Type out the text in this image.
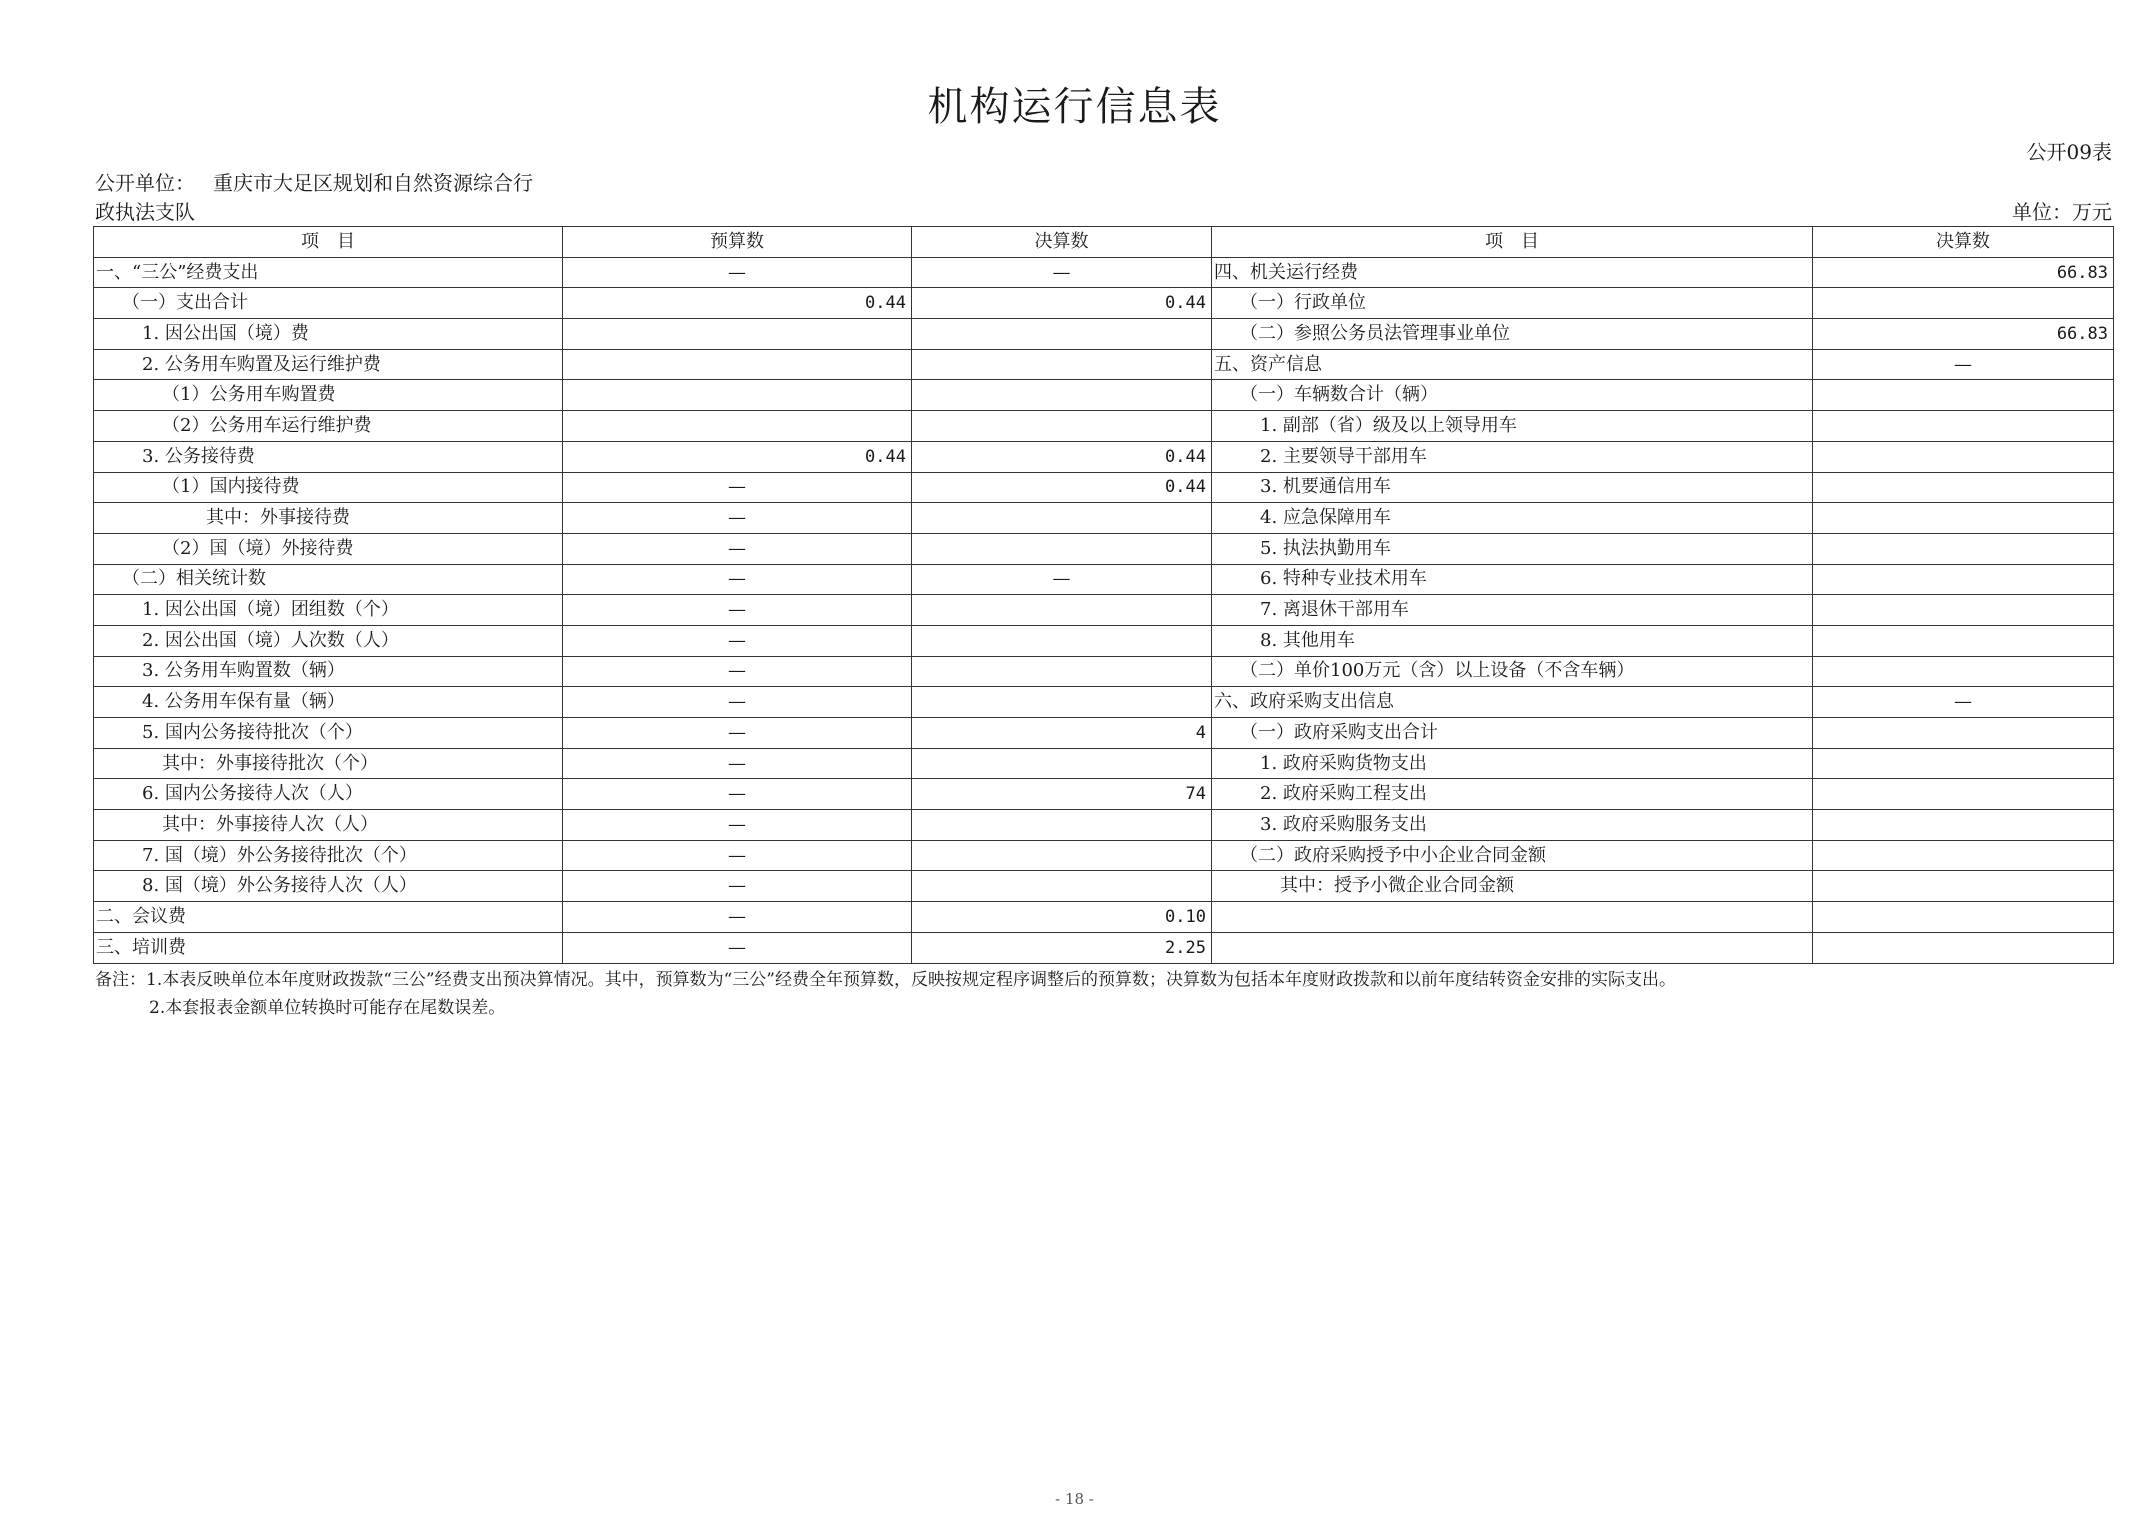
机构运行信息表
公开09表
公开单位： 重庆市大足区规划和自然资源综合行
政执法支队	单位：万元
项　目	预算数	决算数	项　目	决算数
一、“三公”经费支出	—	—	四、机关运行经费	66.83
（一）支出合计	0.44	0.44	（一）行政单位	
1. 因公出国（境）费			（二）参照公务员法管理事业单位	66.83
2. 公务用车购置及运行维护费			五、资产信息	—
（1）公务用车购置费			（一）车辆数合计（辆）	
（2）公务用车运行维护费			1. 副部（省）级及以上领导用车	
3. 公务接待费	0.44	0.44	2. 主要领导干部用车	
（1）国内接待费	—	0.44	3. 机要通信用车	
其中：外事接待费	—		4. 应急保障用车	
（2）国（境）外接待费	—		5. 执法执勤用车	
（二）相关统计数	—	—	6. 特种专业技术用车	
1. 因公出国（境）团组数（个）	—		7. 离退休干部用车	
2. 因公出国（境）人次数（人）	—		8. 其他用车	
3. 公务用车购置数（辆）	—		（二）单价100万元（含）以上设备（不含车辆）	
4. 公务用车保有量（辆）	—		六、政府采购支出信息	—
5. 国内公务接待批次（个）	—	4	（一）政府采购支出合计	
其中：外事接待批次（个）	—		1. 政府采购货物支出	
6. 国内公务接待人次（人）	—	74	2. 政府采购工程支出	
其中：外事接待人次（人）	—		3. 政府采购服务支出	
7. 国（境）外公务接待批次（个）	—		（二）政府采购授予中小企业合同金额	
8. 国（境）外公务接待人次（人）	—		其中：授予小微企业合同金额	
二、会议费	—	0.10		
三、培训费	—	2.25		
备注：1.本表反映单位本年度财政拨款“三公”经费支出预决算情况。其中，预算数为“三公”经费全年预算数，反映按规定程序调整后的预算数；决算数为包括本年度财政拨款和以前年度结转资金安排的实际支出。
2.本套报表金额单位转换时可能存在尾数误差。
- 18 -
